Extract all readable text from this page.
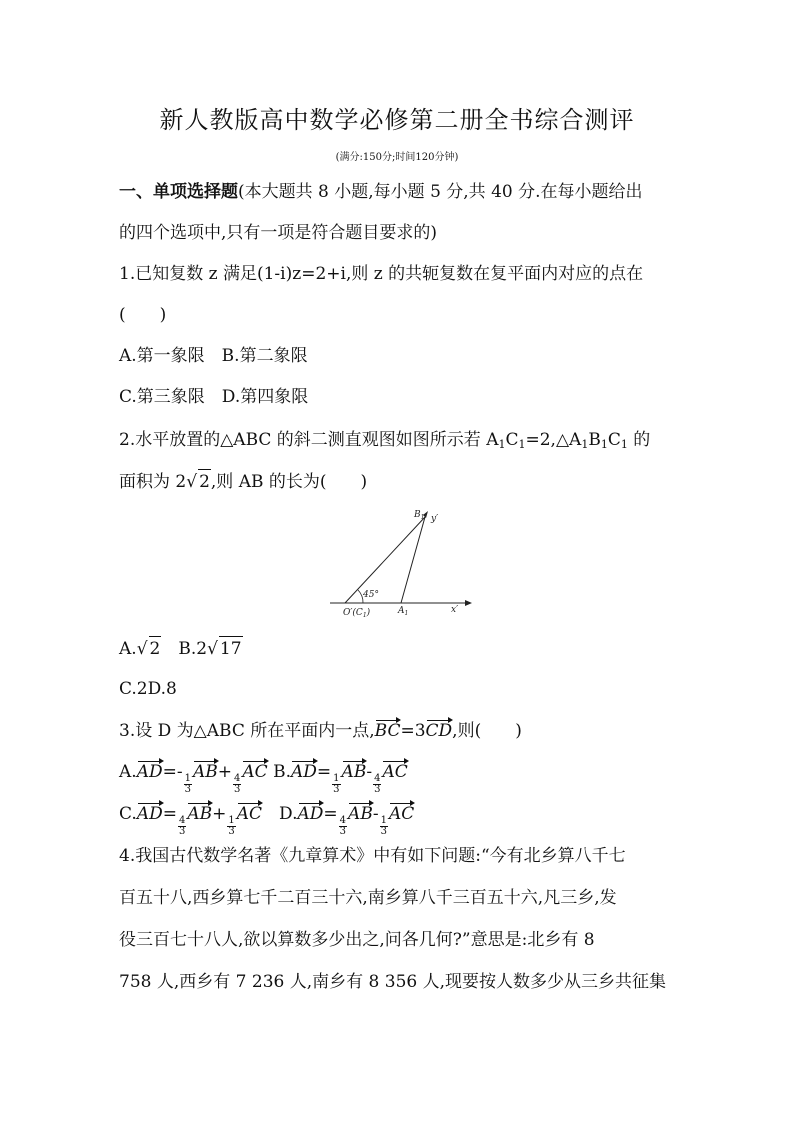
新人教版高中数学必修第二册全书综合测评
(满分:150分;时间120分钟)
一、单项选择题(本大题共 8 小题,每小题 5 分,共 40 分.在每小题给出
的四个选项中,只有一项是符合题目要求的)
1.已知复数 z 满足(1-i)z=2+i,则 z 的共轭复数在复平面内对应的点在
(　　)
A.第一象限　B.第二象限
C.第三象限　D.第四象限
2.水平放置的△ABC 的斜二测直观图如图所示若 $A_1C_1=2,\triangle A_1B_1C_1$ 的
面积为 2√ 2,则 AB 的长为(　　)
$B_1$ y′
45°
$O'(C_1)$	$A_1$	x′
A.√ 2　B.2√ 17
C.2D.8
3.设 D 为△ABC 所在平面内一点,BC=3CD,则(　　)
A.AD=-
$\frac{1}{3}$
AB+
$\frac{4}{3}$
AC B.AD=
$\frac{1}{3}$
AB-
$\frac{4}{3}$
AC
C.AD=
$\frac{4}{3}$
AB+
$\frac{1}{3}$
AC　D.AD=
$\frac{4}{3}$
AB-
$\frac{1}{3}$
AC
4.我国古代数学名著《九章算术》中有如下问题:“今有北乡算八千七
百五十八,西乡算七千二百三十六,南乡算八千三百五十六,凡三乡,发
役三百七十八人,欲以算数多少出之,问各几何?”意思是:北乡有 8
758 人,西乡有 7 236 人,南乡有 8 356 人,现要按人数多少从三乡共征集
